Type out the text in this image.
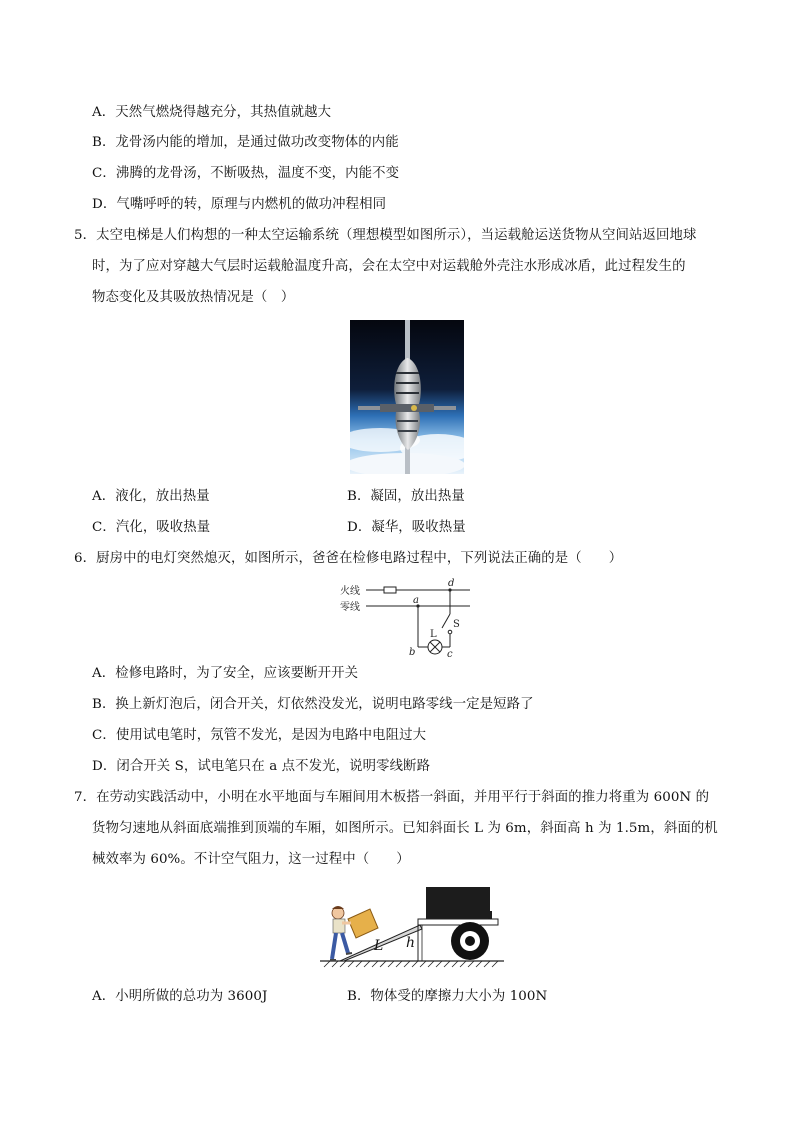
A．天然气燃烧得越充分，其热值就越大
B．龙骨汤内能的增加，是通过做功改变物体的内能
C．沸腾的龙骨汤，不断吸热，温度不变，内能不变
D．气嘴呼呼的转，原理与内燃机的做功冲程相同
5．太空电梯是人们构想的一种太空运输系统（理想模型如图所示），当运载舱运送货物从空间站返回地球
时，为了应对穿越大气层时运载舱温度升高，会在太空中对运载舱外壳注水形成冰盾，此过程发生的
物态变化及其吸放热情况是（　）
A．液化，放出热量	B．凝固，放出热量
C．汽化，吸收热量	D．凝华，吸收热量
6．厨房中的电灯突然熄灭，如图所示，爸爸在检修电路过程中，下列说法正确的是（　　）
火线
零线
a
d
b	c
L
S
A．检修电路时，为了安全，应该要断开开关
B．换上新灯泡后，闭合开关，灯依然没发光，说明电路零线一定是短路了
C．使用试电笔时，氖管不发光，是因为电路中电阻过大
D．闭合开关 S，试电笔只在 a 点不发光，说明零线断路
7．在劳动实践活动中，小明在水平地面与车厢间用木板搭一斜面，并用平行于斜面的推力将重为 600N 的
货物匀速地从斜面底端推到顶端的车厢，如图所示。已知斜面长 L 为 6m，斜面高 h 为 1.5m，斜面的机
械效率为 60%。不计空气阻力，这一过程中（　　）
L h
A．小明所做的总功为 3600J	B．物体受的摩擦力大小为 100N
